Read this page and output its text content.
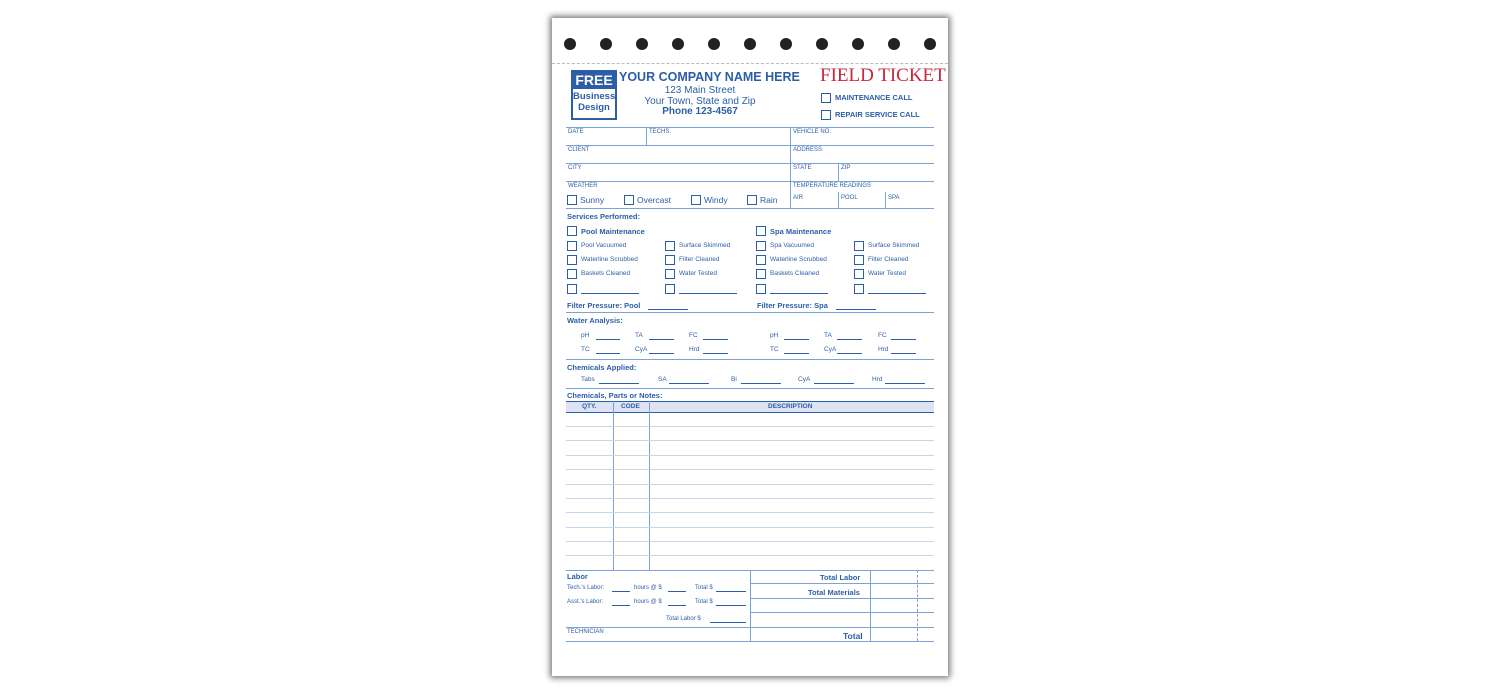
FREE
Business
Design
YOUR COMPANY NAME HERE
123 Main Street
Your Town, State and Zip
Phone 123-4567
FIELD TICKET
MAINTENANCE CALL
REPAIR SERVICE CALL
DATE	TECHS.	VEHICLE NO.
CLIENT	ADDRESS
CITY	STATE	ZIP
WEATHER	TEMPERATURE READINGS
AIR	POOL	SPA
Sunny	Overcast	Windy	Rain
Services Performed:
Pool Maintenance	Spa Maintenance
Pool Vacuumed
Waterline Scrubbed
Baskets Cleaned
Surface Skimmed
Filter Cleaned
Water Tested
Spa Vacuumed
Waterline Scrubbed
Baskets Cleaned
Surface Skimmed
Filter Cleaned
Water Tested
Filter Pressure: Pool	Filter Pressure: Spa
Water Analysis:
pH	TA	FC	pH	TA	FC
TC	CyA	Hrd	TC	CyA	Hrd
Chemicals Applied:
Tabs	SA	Bi	CyA	Hrd
Chemicals, Parts or Notes:
QTY.	CODE	DESCRIPTION
Labor
Tech.'s Labor:	hours @ $	Total $
Asst.'s Labor:	hours @ $	Total $
Total Labor $
TECHNICIAN
Total Labor
Total Materials
Total
